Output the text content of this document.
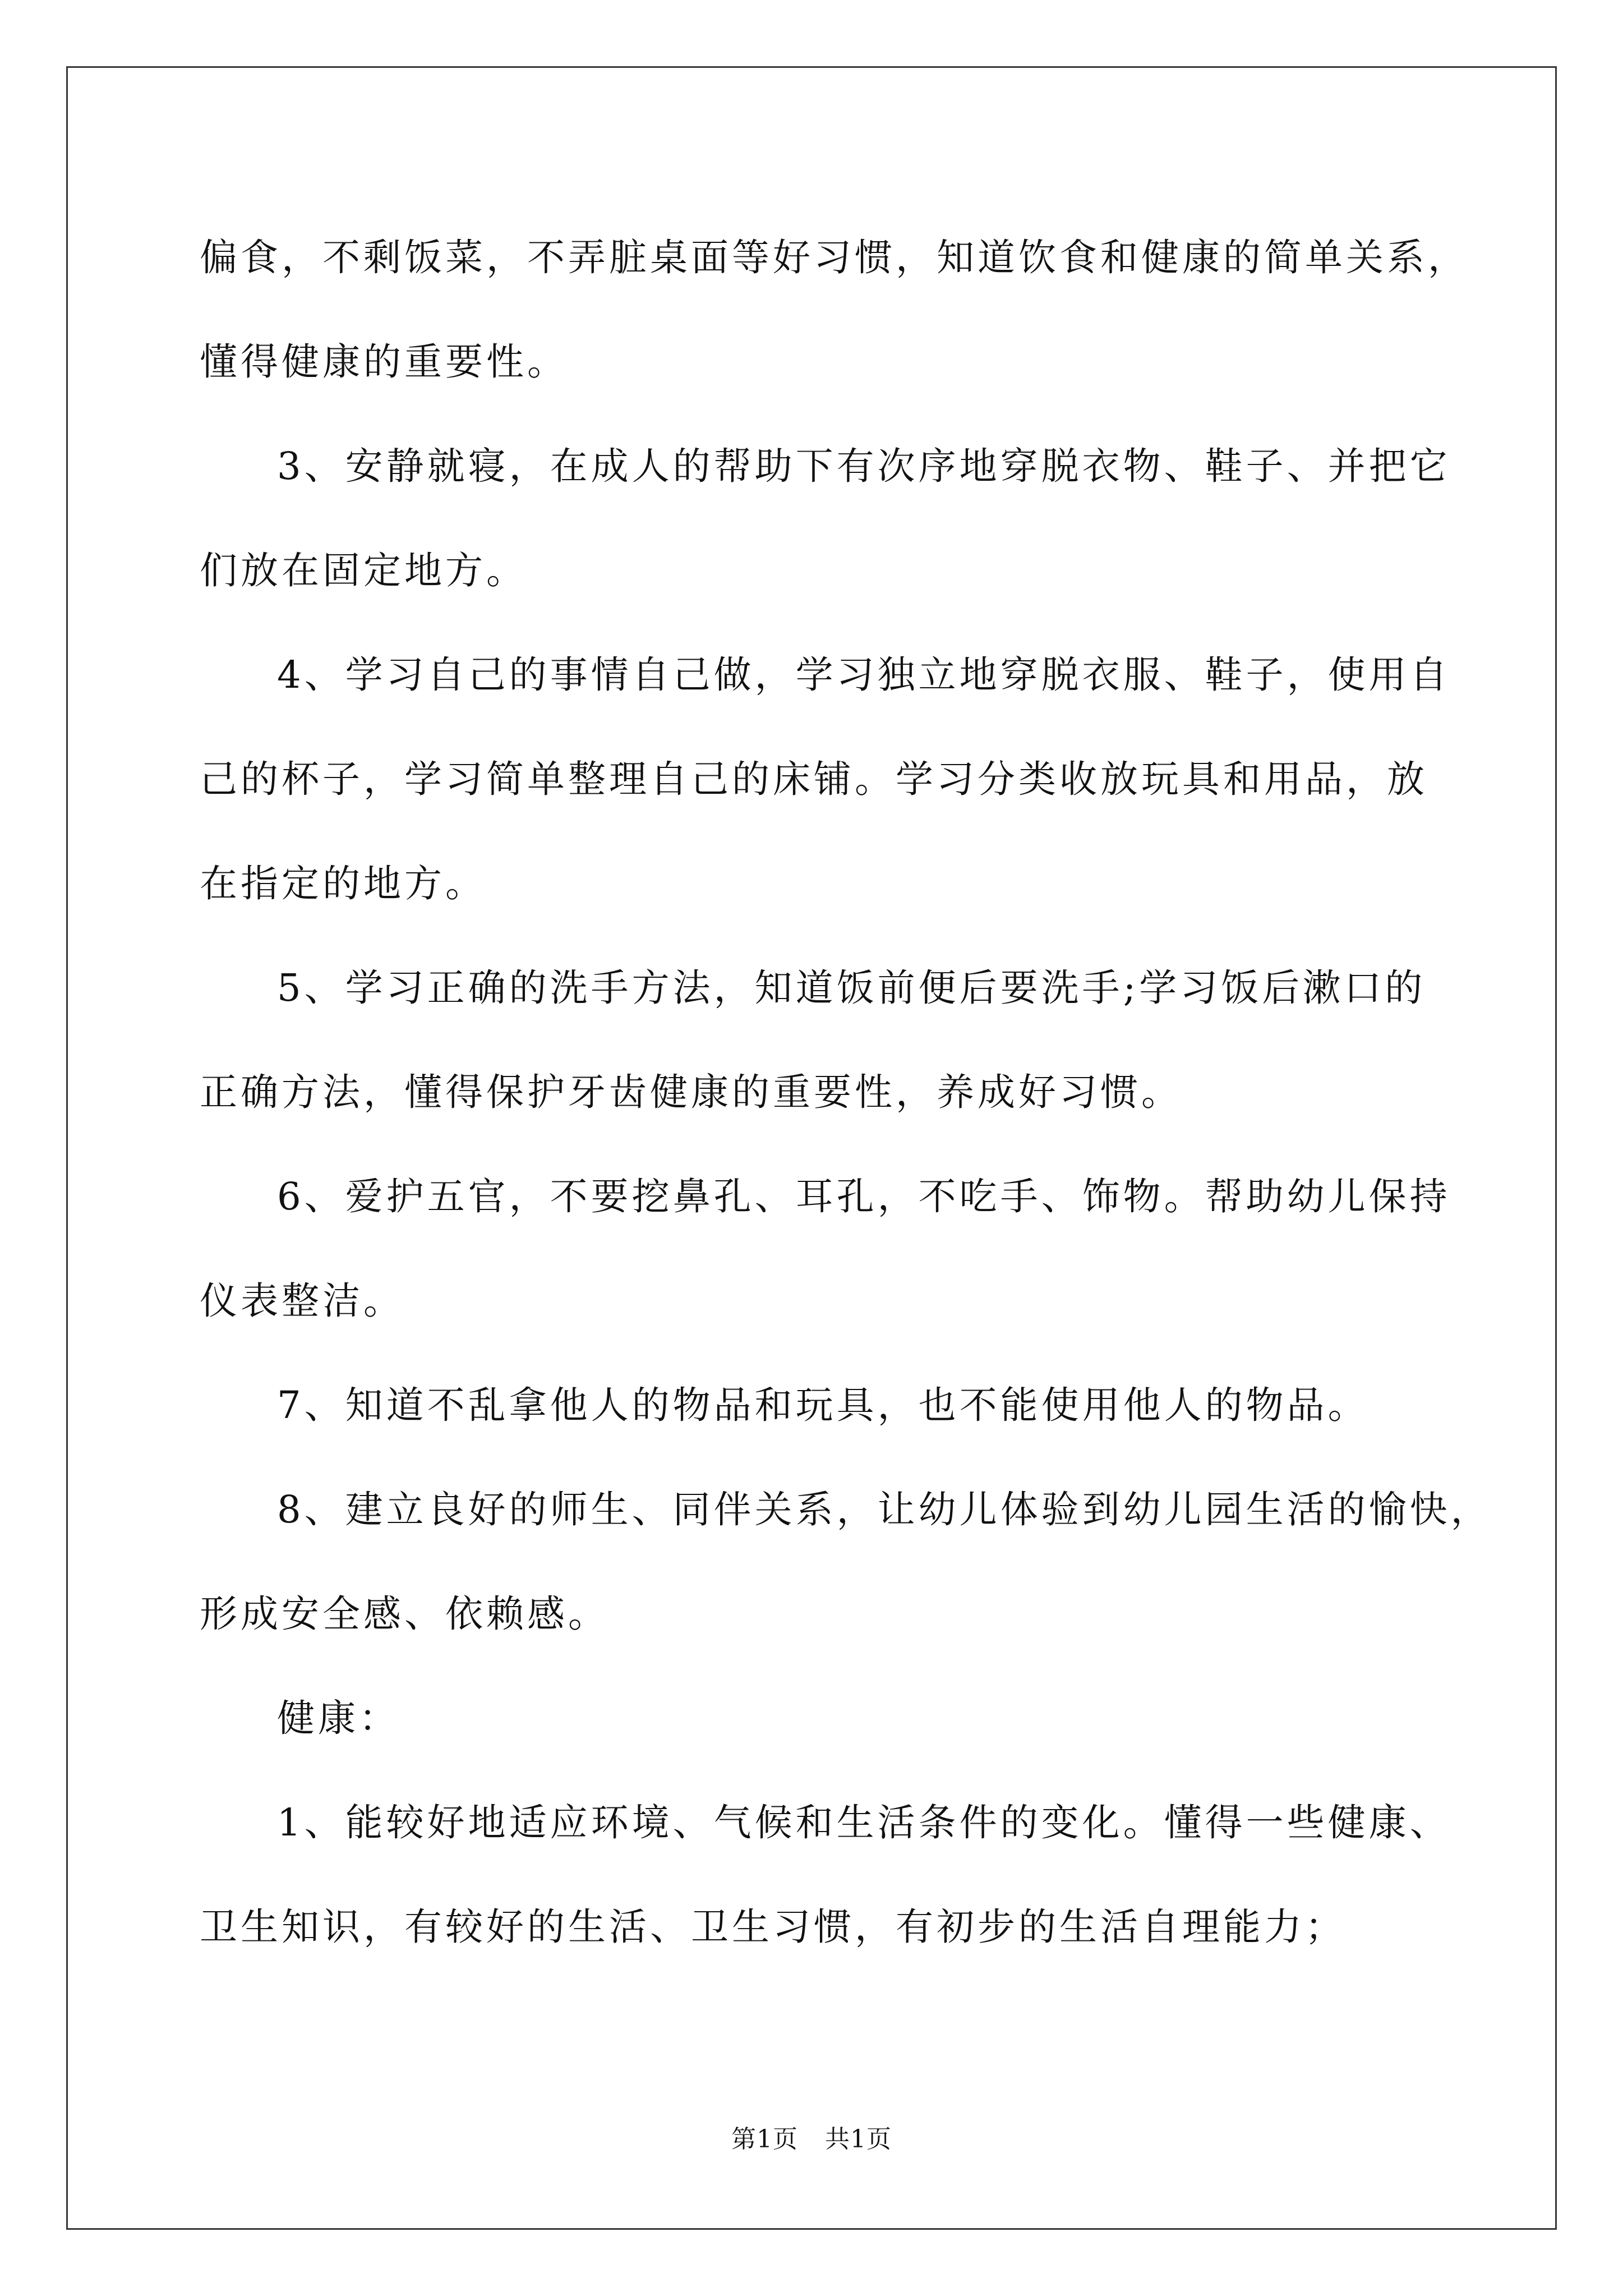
偏食，不剩饭菜，不弄脏桌面等好习惯，知道饮食和健康的简单关系，

懂得健康的重要性。

3、安静就寝，在成人的帮助下有次序地穿脱衣物、鞋子、并把它

们放在固定地方。

4、学习自己的事情自己做，学习独立地穿脱衣服、鞋子，使用自

己的杯子，学习简单整理自己的床铺。学习分类收放玩具和用品，放

在指定的地方。

5、学习正确的洗手方法，知道饭前便后要洗手;学习饭后漱口的

正确方法，懂得保护牙齿健康的重要性，养成好习惯。

6、爱护五官，不要挖鼻孔、耳孔，不吃手、饰物。帮助幼儿保持

仪表整洁。

7、知道不乱拿他人的物品和玩具，也不能使用他人的物品。

8、建立良好的师生、同伴关系，让幼儿体验到幼儿园生活的愉快，

形成安全感、依赖感。

健康：

1、能较好地适应环境、气候和生活条件的变化。懂得一些健康、

卫生知识，有较好的生活、卫生习惯，有初步的生活自理能力；

第1页 共1页
